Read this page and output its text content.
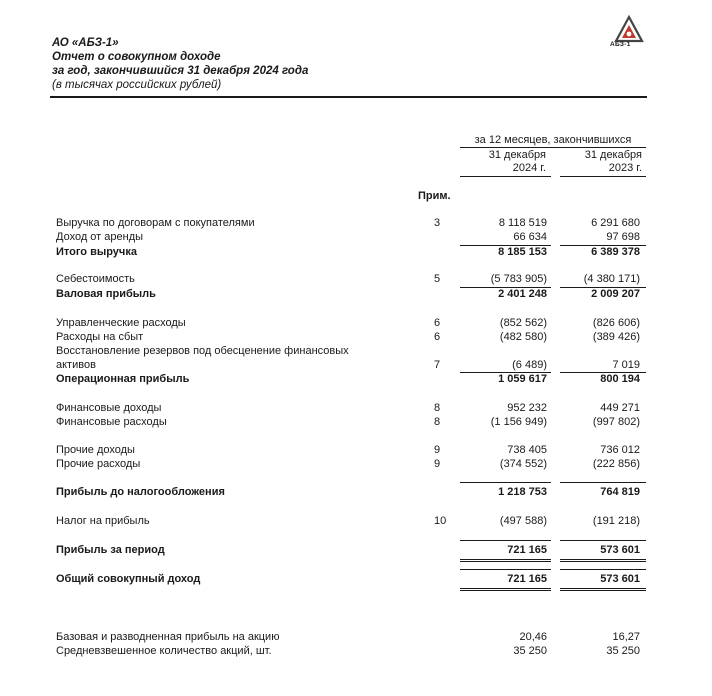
АО «АБЗ-1»
Отчет о совокупном доходе
за год, закончившийся 31 декабря 2024 года
(в тысячах российских рублей)
АБЗ-1
за 12 месяцев, закончившихся
31 декабря
2024 г.
31 декабря
2023 г.
Прим.
Выручка по договорам с покупателями	3	8 118 519	6 291 680
Доход от аренды	66 634	97 698
Итого выручка	8 185 153	6 389 378
Себестоимость	5	(5 783 905)	(4 380 171)
Валовая прибыль	2 401 248	2 009 207
Управленческие расходы	6	(852 562)	(826 606)
Расходы на сбыт	6	(482 580)	(389 426)
Восстановление резервов под обесценение финансовых
активов	7	(6 489)	7 019
Операционная прибыль	1 059 617	800 194
Финансовые доходы	8	952 232	449 271
Финансовые расходы	8	(1 156 949)	(997 802)
Прочие доходы	9	738 405	736 012
Прочие расходы	9	(374 552)	(222 856)
Прибыль до налогообложения	1 218 753	764 819
Налог на прибыль	10	(497 588)	(191 218)
Прибыль за период	721 165	573 601
Общий совокупный доход	721 165	573 601
Базовая и разводненная прибыль на акцию	20,46	16,27
Средневзвешенное количество акций, шт.	35 250	35 250
